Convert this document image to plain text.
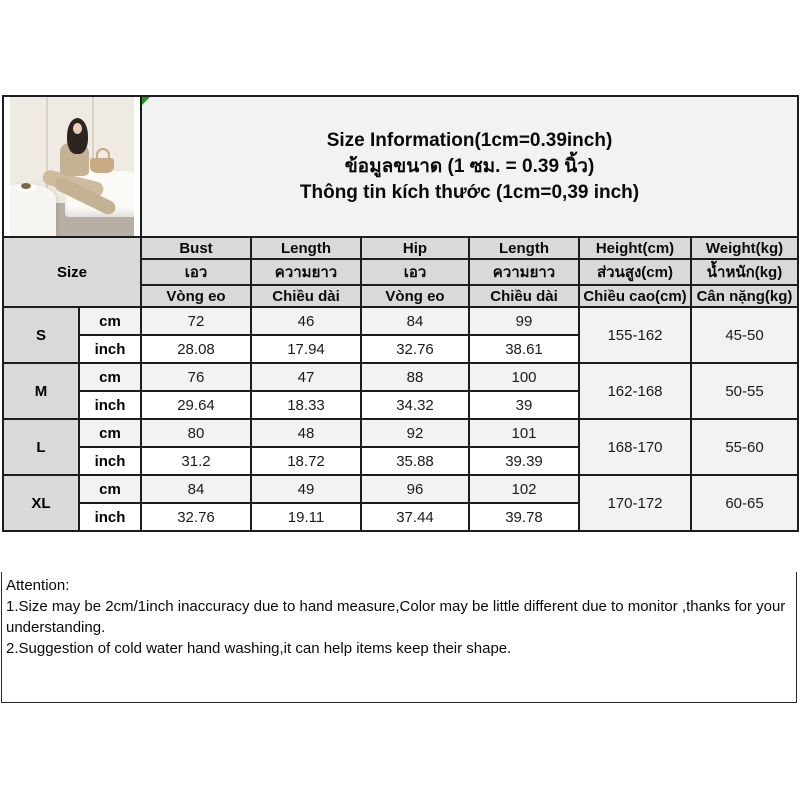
		Size Information(1cm=0.39inch)
ข้อมูลขนาด (1 ซม. = 0.39 นิ้ว)
Thông tin kích thước (1cm=0,39 inch)					

Size		Bust	Length	Hip	Length	Height(cm)	Weight(kg)
		เอว	ความยาว	เอว	ความยาว	ส่วนสูง(cm)	น้ำหนัก(kg)
		Vòng eo	Chiều dài	Vòng eo	Chiều dài	Chiều cao(cm)	Cân nặng(kg)
S	cm	72	46	84	99	155-162	45-50
	inch	28.08	17.94	32.76	38.61		
M	cm	76	47	88	100	162-168	50-55
	inch	29.64	18.33	34.32	39		
L	cm	80	48	92	101	168-170	55-60
	inch	31.2	18.72	35.88	39.39		
XL	cm	84	49	96	102	170-172	60-65
	inch	32.76	19.11	37.44	39.78		
Attention:
1.Size may be 2cm/1inch inaccuracy due to hand measure,Color may be little different due to monitor ,thanks for your understanding.
2.Suggestion of cold water hand washing,it can help items keep their shape.
